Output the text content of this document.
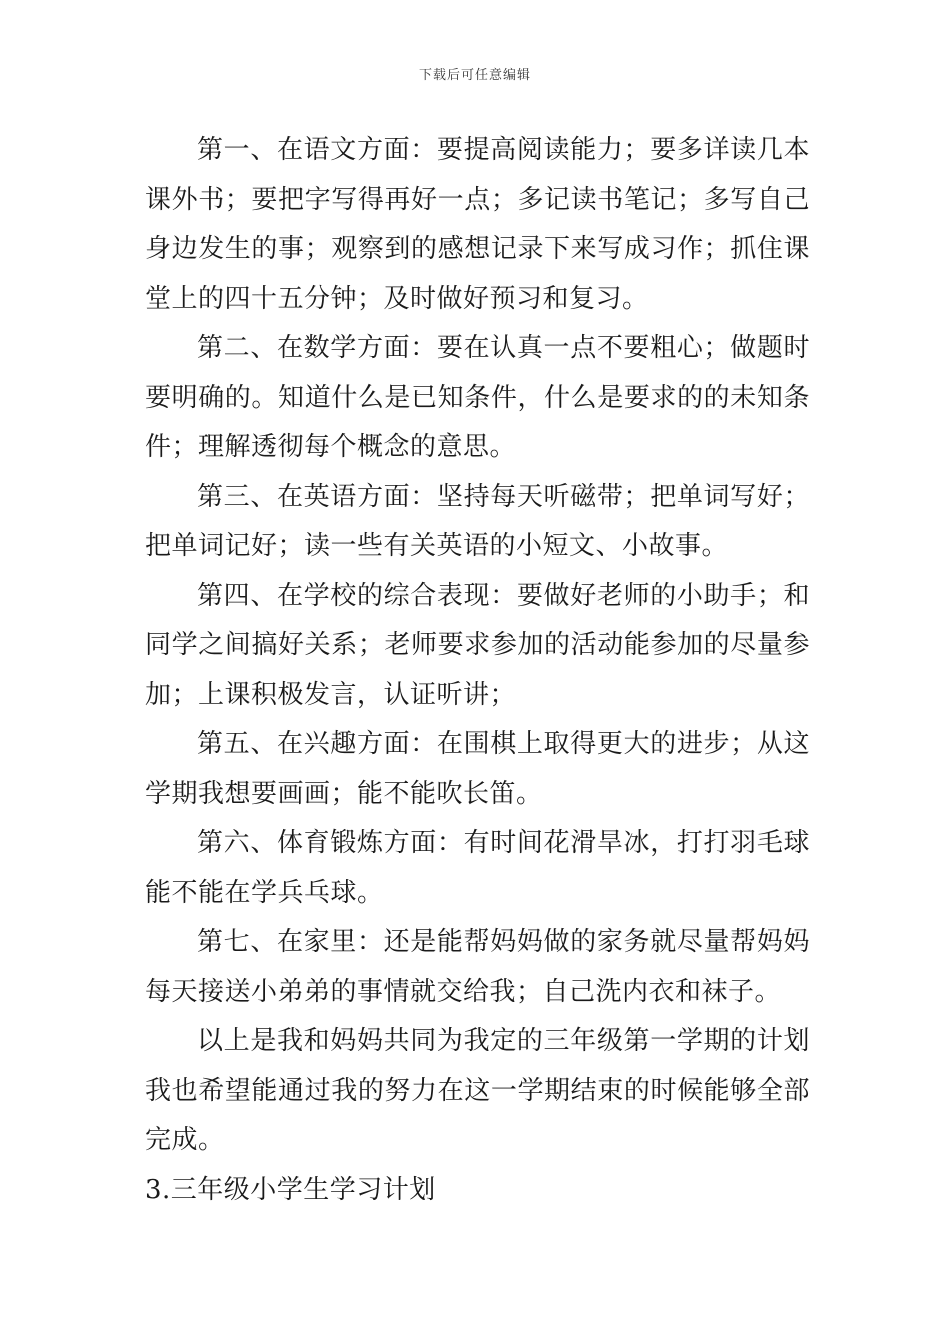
下载后可任意编辑

第一、在语文方面：要提高阅读能力；要多详读几本课外书；要把字写得再好一点；多记读书笔记；多写自己身边发生的事；观察到的感想记录下来写成习作；抓住课堂上的四十五分钟；及时做好预习和复习。

第二、在数学方面：要在认真一点不要粗心；做题时要明确的。知道什么是已知条件，什么是要求的的未知条件；理解透彻每个概念的意思。

第三、在英语方面：坚持每天听磁带；把单词写好；把单词记好；读一些有关英语的小短文、小故事。

第四、在学校的综合表现：要做好老师的小助手；和同学之间搞好关系；老师要求参加的活动能参加的尽量参加；上课积极发言，认证听讲；

第五、在兴趣方面：在围棋上取得更大的进步；从这学期我想要画画；能不能吹长笛。

第六、体育锻炼方面：有时间花滑旱冰，打打羽毛球能不能在学兵乓球。

第七、在家里：还是能帮妈妈做的家务就尽量帮妈妈每天接送小弟弟的事情就交给我；自己洗内衣和袜子。

以上是我和妈妈共同为我定的三年级第一学期的计划我也希望能通过我的努力在这一学期结束的时候能够全部完成。

3.三年级小学生学习计划
